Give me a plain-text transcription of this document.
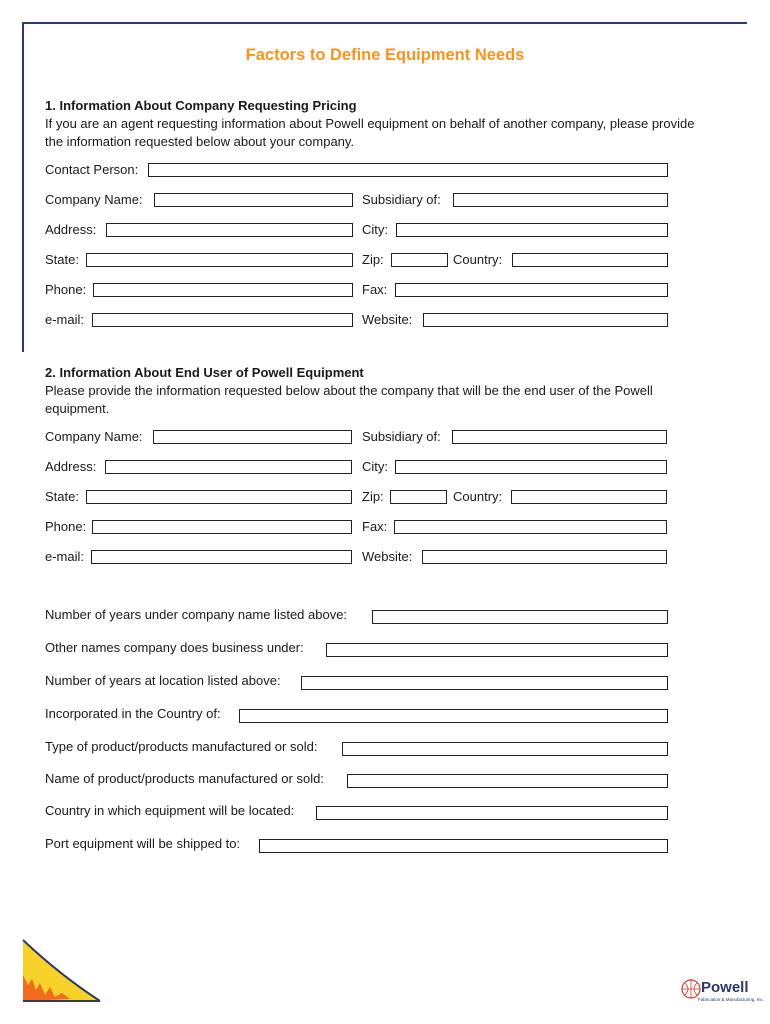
Factors to Define Equipment Needs
1. Information About Company Requesting Pricing
If you are an agent requesting information about Powell equipment on behalf of another company, please provide the information requested below about your company.
Contact Person:
Company Name:	Subsidiary of:
Address:	City:
State:	Zip:	Country:
Phone:	Fax:
e-mail:	Website:
2. Information About End User of Powell Equipment
Please provide the information requested below about the company that will be the end user of the Powell equipment.
Company Name:	Subsidiary of:
Address:	City:
State:	Zip:	Country:
Phone:	Fax:
e-mail:	Website:
Number of years under company name listed above:
Other names company does business under:
Number of years at location listed above:
Incorporated in the Country of:
Type of product/products manufactured or sold:
Name of product/products manufactured or sold:
Country in which equipment will be located:
Port equipment will be shipped to:
Powell
Fabrication & Manufacturing, Inc.
